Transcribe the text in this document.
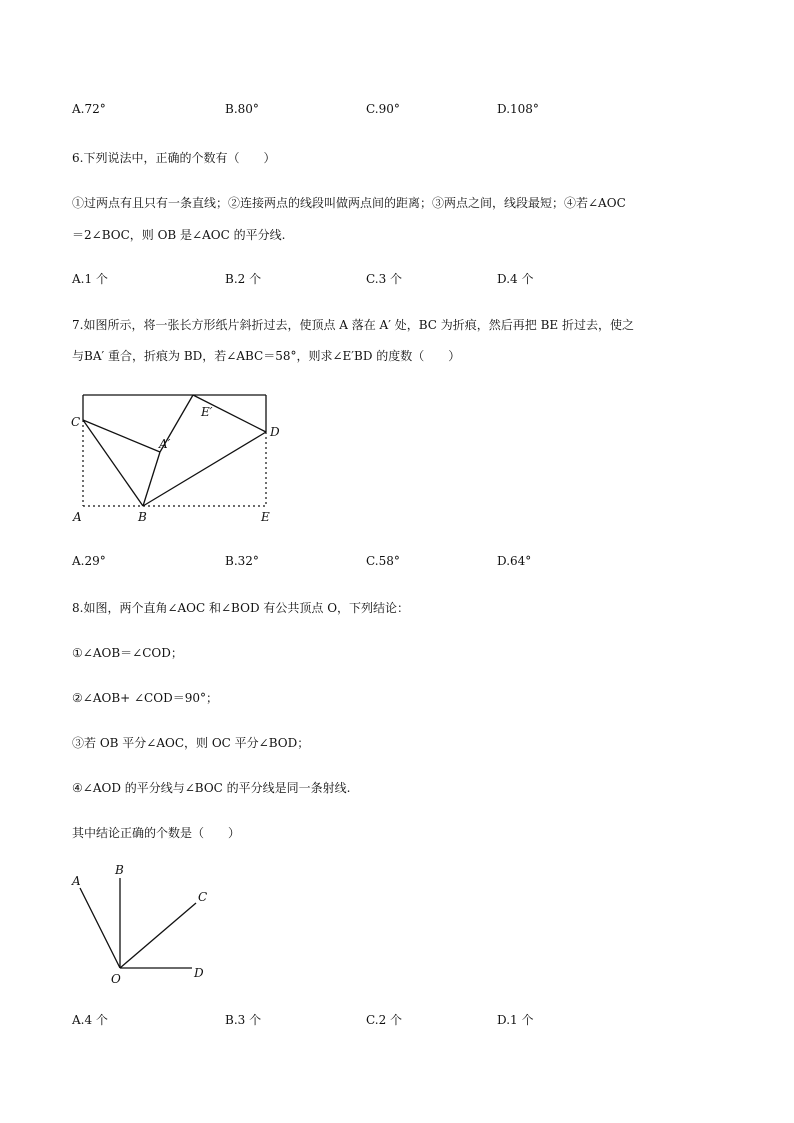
A.72°	B.80°	C.90°	D.108°
6.下列说法中，正确的个数有（　　）
①过两点有且只有一条直线；②连接两点的线段叫做两点间的距离；③两点之间，线段最短；④若∠AOC
＝2∠BOC，则 OB 是∠AOC 的平分线.
A.1 个	B.2 个	C.3 个	D.4 个
7.如图所示，将一张长方形纸片斜折过去，使顶点 A 落在 A′ 处，BC 为折痕，然后再把 BE 折过去，使之
与BA′ 重合，折痕为 BD，若∠ABC＝58°，则求∠E′BD 的度数（　　）
C
A′
E′
D
A	B	E
A.29°	B.32°	C.58°	D.64°
8.如图，两个直角∠AOC 和∠BOD 有公共顶点 O，下列结论：
①∠AOB＝∠COD；
②∠AOB+ ∠COD＝90°；
③若 OB 平分∠AOC，则 OC 平分∠BOD；
④∠AOD 的平分线与∠BOC 的平分线是同一条射线.
其中结论正确的个数是（　　）
A
B
C
D
O
A.4 个	B.3 个	C.2 个	D.1 个
